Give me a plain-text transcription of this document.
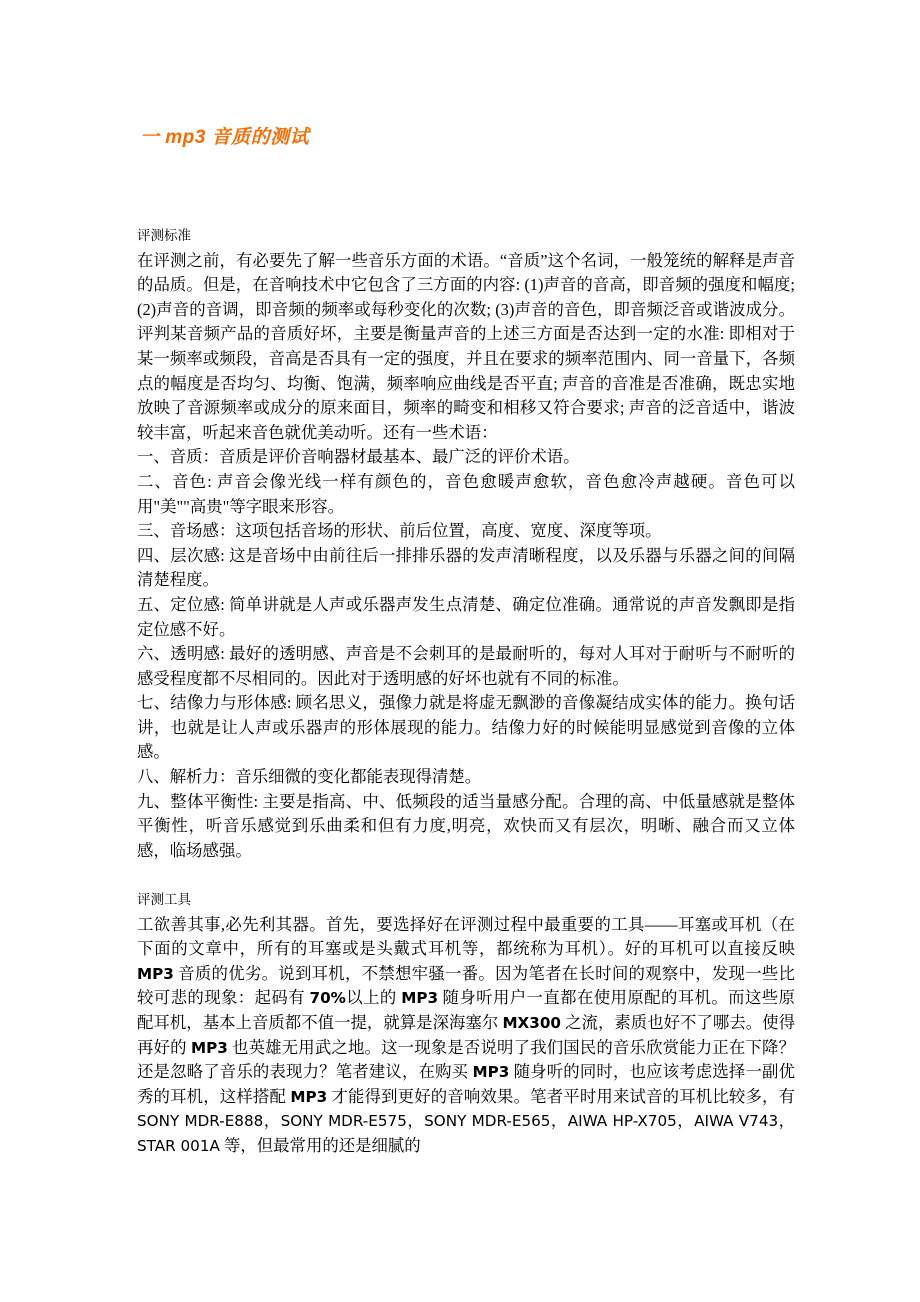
一 mp3 音质的测试
评测标准

在评测之前，有必要先了解一些音乐方面的术语。“音质”这个名词，一般笼统的解释是声音的品质。但是，在音响技术中它包含了三方面的内容: (1)声音的音高，即音频的强度和幅度; (2)声音的音调，即音频的频率或每秒变化的次数; (3)声音的音色，即音频泛音或谐波成分。评判某音频产品的音质好坏，主要是衡量声音的上述三方面是否达到一定的水准: 即相对于某一频率或频段，音高是否具有一定的强度，并且在要求的频率范围内、同一音量下，各频点的幅度是否均匀、均衡、饱满，频率响应曲线是否平直; 声音的音准是否准确，既忠实地放映了音源频率或成分的原来面目，频率的畸变和相移又符合要求; 声音的泛音适中，谐波较丰富，听起来音色就优美动听。还有一些术语：

一、音质：音质是评价音响器材最基本、最广泛的评价术语。

二、音色: 声音会像光线一样有颜色的，音色愈暖声愈软，音色愈冷声越硬。音色可以用"美""高贵"等字眼来形容。

三、音场感：这项包括音场的形状、前后位置，高度、宽度、深度等项。

四、层次感: 这是音场中由前往后一排排乐器的发声清晰程度，以及乐器与乐器之间的间隔清楚程度。

五、定位感: 简单讲就是人声或乐器声发生点清楚、确定位准确。通常说的声音发飘即是指定位感不好。

六、透明感: 最好的透明感、声音是不会刺耳的是最耐听的，每对人耳对于耐听与不耐听的感受程度都不尽相同的。因此对于透明感的好坏也就有不同的标准。

七、结像力与形体感: 顾名思义，强像力就是将虚无飘渺的音像凝结成实体的能力。换句话讲，也就是让人声或乐器声的形体展现的能力。结像力好的时候能明显感觉到音像的立体感。

八、解析力：音乐细微的变化都能表现得清楚。

九、整体平衡性: 主要是指高、中、低频段的适当量感分配。合理的高、中低量感就是整体平衡性，听音乐感觉到乐曲柔和但有力度,明亮，欢快而又有层次，明晰、融合而又立体感，临场感强。

评测工具

工欲善其事,必先利其器。首先，要选择好在评测过程中最重要的工具——耳塞或耳机（在下面的文章中，所有的耳塞或是头戴式耳机等，都统称为耳机）。好的耳机可以直接反映 MP3 音质的优劣。说到耳机，不禁想牢骚一番。因为笔者在长时间的观察中，发现一些比较可悲的现象：起码有 70%以上的 MP3 随身听用户一直都在使用原配的耳机。而这些原配耳机，基本上音质都不值一提，就算是深海塞尔 MX300 之流，素质也好不了哪去。使得再好的 MP3 也英雄无用武之地。这一现象是否说明了我们国民的音乐欣赏能力正在下降？还是忽略了音乐的表现力？笔者建议，在购买 MP3 随身听的同时，也应该考虑选择一副优秀的耳机，这样搭配 MP3 才能得到更好的音响效果。笔者平时用来试音的耳机比较多，有 SONY MDR-E888，SONY MDR-E575，SONY MDR-E565，AIWA HP-X705，AIWA V743，STAR 001A 等，但最常用的还是细腻的
